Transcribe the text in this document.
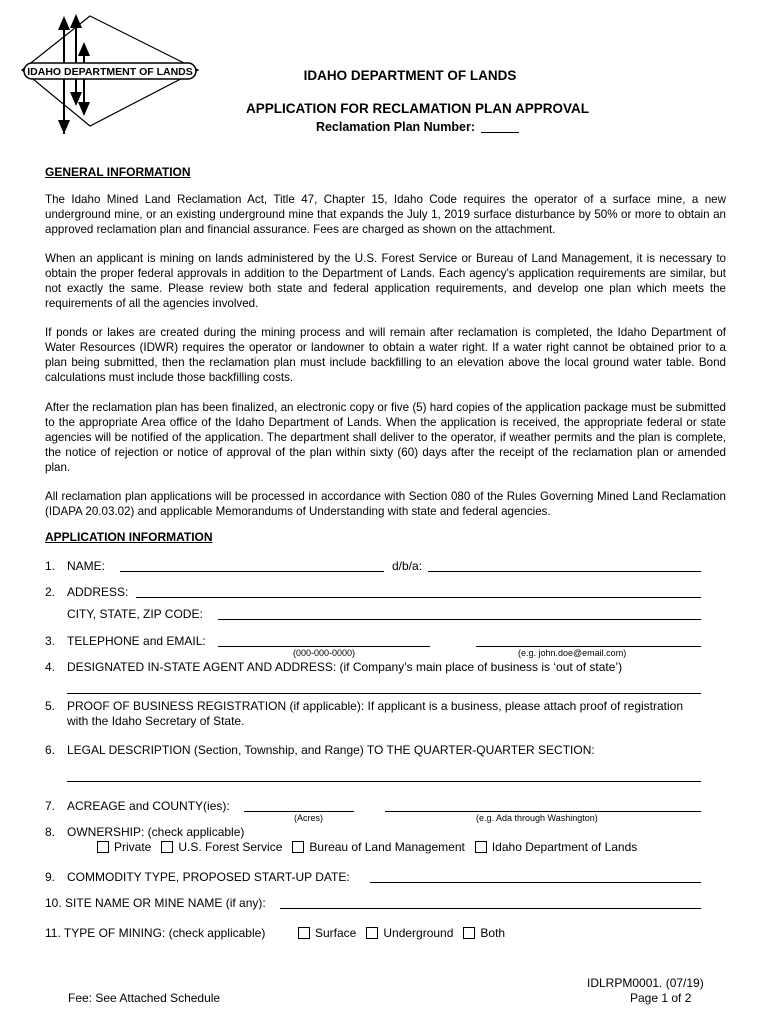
IDAHO DEPARTMENT OF LANDS	IDAHO DEPARTMENT OF LANDS
APPLICATION FOR RECLAMATION PLAN APPROVAL
Reclamation Plan Number:
GENERAL INFORMATION

The Idaho Mined Land Reclamation Act, Title 47, Chapter 15, Idaho Code requires the operator of a surface mine, a new underground mine, or an existing underground mine that expands the July 1, 2019 surface disturbance by 50% or more to obtain an approved reclamation plan and financial assurance. Fees are charged as shown on the attachment.

When an applicant is mining on lands administered by the U.S. Forest Service or Bureau of Land Management, it is necessary to obtain the proper federal approvals in addition to the Department of Lands. Each agency's application requirements are similar, but not exactly the same. Please review both state and federal application requirements, and develop one plan which meets the requirements of all the agencies involved.

If ponds or lakes are created during the mining process and will remain after reclamation is completed, the Idaho Department of Water Resources (IDWR) requires the operator or landowner to obtain a water right. If a water right cannot be obtained prior to a plan being submitted, then the reclamation plan must include backfilling to an elevation above the local ground water table. Bond calculations must include those backfilling costs.

After the reclamation plan has been finalized, an electronic copy or five (5) hard copies of the application package must be submitted to the appropriate Area office of the Idaho Department of Lands. When the application is received, the appropriate federal or state agencies will be notified of the application. The department shall deliver to the operator, if weather permits and the plan is complete, the notice of rejection or notice of approval of the plan within sixty (60) days after the receipt of the reclamation plan or amended plan.

All reclamation plan applications will be processed in accordance with Section 080 of the Rules Governing Mined Land Reclamation (IDAPA 20.03.02) and applicable Memorandums of Understanding with state and federal agencies.

APPLICATION INFORMATION
1. NAME:	d/b/a:
2. ADDRESS:
CITY, STATE, ZIP CODE:
3. TELEPHONE and EMAIL:
(000-000-0000)	(e.g. john.doe@email.com)
4. DESIGNATED IN-STATE AGENT AND ADDRESS: (if Company’s main place of business is ‘out of state’)
5. PROOF OF BUSINESS REGISTRATION (if applicable): If applicant is a business, please attach proof of registration
with the Idaho Secretary of State.
6. LEGAL DESCRIPTION (Section, Township, and Range) TO THE QUARTER-QUARTER SECTION:
7. ACREAGE and COUNTY(ies):
(Acres)	(e.g. Ada through Washington)
8. OWNERSHIP: (check applicable)
Private U.S. Forest Service Bureau of Land Management Idaho Department of Lands
9. COMMODITY TYPE, PROPOSED START-UP DATE:
10. SITE NAME OR MINE NAME (if any):
11. TYPE OF MINING: (check applicable)	Surface Underground Both
IDLRPM0001. (07/19)
Fee: See Attached Schedule	Page 1 of 2
